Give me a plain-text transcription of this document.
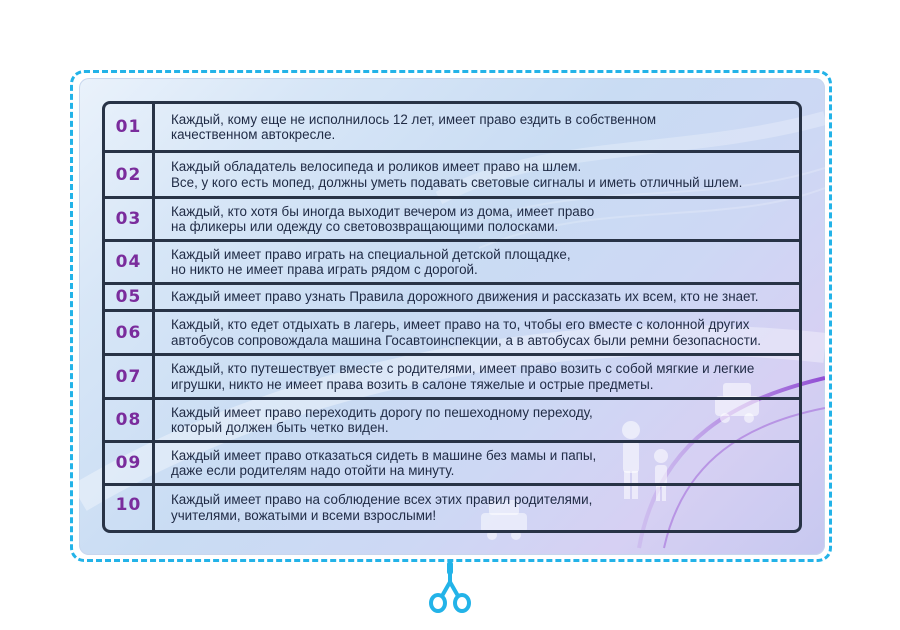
01	Каждый, кому еще не исполнилось 12 лет, имеет право ездить в собственном
качественном автокресле.
02	Каждый обладатель велосипеда и роликов имеет право на шлем.
Все, у кого есть мопед, должны уметь подавать световые сигналы и иметь отличный шлем.
03	Каждый, кто хотя бы иногда выходит вечером из дома, имеет право
на фликеры или одежду со световозвращающими полосками.
04	Каждый имеет право играть на специальной детской площадке,
но никто не имеет права играть рядом с дорогой.
05	Каждый имеет право узнать Правила дорожного движения и рассказать их всем, кто не знает.
06	Каждый, кто едет отдыхать в лагерь, имеет право на то, чтобы его вместе с колонной других
автобусов сопровождала машина Госавтоинспекции, а в автобусах были ремни безопасности.
07	Каждый, кто путешествует вместе с родителями, имеет право возить с собой мягкие и легкие
игрушки, никто не имеет права возить в салоне тяжелые и острые предметы.
08	Каждый имеет право переходить дорогу по пешеходному переходу,
который должен быть четко виден.
09	Каждый имеет право отказаться сидеть в машине без мамы и папы,
даже если родителям надо отойти на минуту.
10	Каждый имеет право на соблюдение всех этих правил родителями,
учителями, вожатыми и всеми взрослыми!
